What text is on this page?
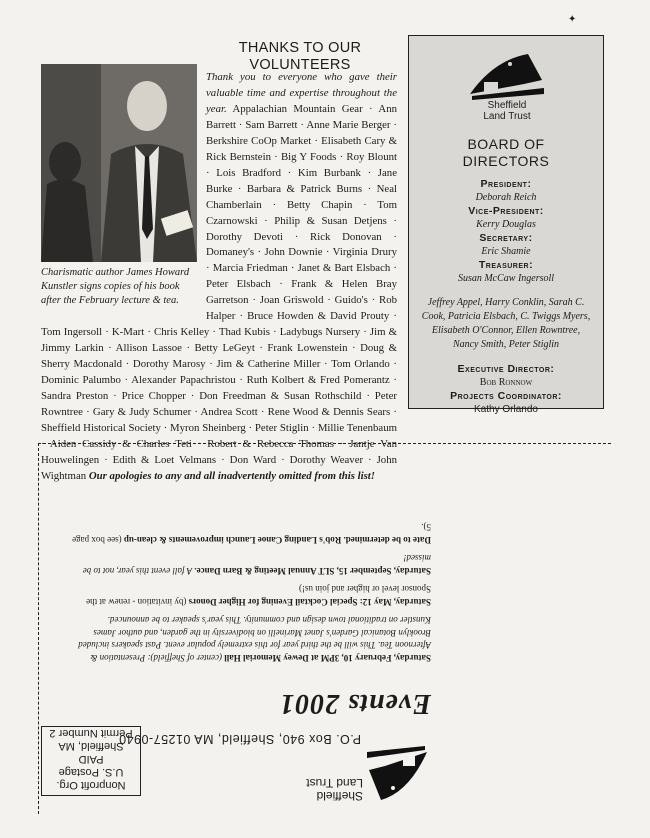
THANKS TO OUR
VOLUNTEERS
Charismatic author James Howard Kunstler signs copies of his book after the February lecture & tea.
Thank you to everyone who gave their valuable time and expertise throughout the year. Appalachian Mountain Gear · Ann Barrett · Sam Barrett · Anne Marie Berger · Berkshire CoOp Market · Elisabeth Cary & Rick Bernstein · Big Y Foods · Roy Blount · Lois Bradford · Kim Burbank · Jane Burke · Barbara & Patrick Burns · Neal Chamberlain · Betty Chapin · Tom Czarnowski · Philip & Susan Detjens · Dorothy Devoti · Rick Donovan · Domaney's · John Downie · Virginia Drury · Marcia Friedman · Janet & Bart Elsbach · Peter Elsbach · Frank & Helen Bray Garretson · Joan Griswold · Guido's · Rob Halper · Bruce Howden & David Prouty · Tom Ingersoll · K-Mart · Chris Kelley · Thad Kubis · Ladybugs Nursery · Jim & Jimmy Larkin · Allison Lassoe · Betty LeGeyt · Frank Lowenstein · Doug & Sherry Macdonald · Dorothy Marosy · Jim & Catherine Miller · Tom Orlando · Dominic Palumbo · Alexander Papachristou · Ruth Kolbert & Fred Pomerantz · Sandra Preston · Price Chopper · Don Freedman & Susan Rothschild · Peter Rowntree · Gary & Judy Schumer · Andrea Scott · Rene Wood & Dennis Sears · Sheffield Historical Society · Myron Sheinberg · Peter Stiglin · Millie Tenenbaum · Aiden Cassidy & Charles Teti · Robert & Rebecca Thomas · Jantje Van Houwelingen · Edith & Loet Velmans · Don Ward · Dorothy Weaver · John Wightman Our apologies to any and all inadvertently omitted from this list!
✦
Sheffield
Land Trust
BOARD OF
DIRECTORS
President:
Deborah Reich
Vice-President:
Kerry Douglas
Secretary:
Eric Shamie
Treasurer:
Susan McCaw Ingersoll
Jeffrey Appel, Harry Conklin, Sarah C. Cook, Patricia Elsbach, C. Twiggs Myers, Elisabeth O'Connor, Ellen Rowntree, Nancy Smith, Peter Stiglin
Executive Director:
Bob Ronnow
Projects Coordinator:
Kathy Orlando
Sheffield
Land Trust
P.O. Box 940, Sheffield, MA 01257-0940
Nonprofit Org.
U.S. Postage
PAID
Sheffield, MA
Permit Number 2
Events 2001
Saturday, February 10, 3PM at Dewey Memorial Hall (center of Sheffield): Presentation & Afternoon Tea. This will be the third year for this extremely popular event. Past speakers included Brooklyn Botanical Garden's Janet Marinelli on biodiversity in the garden, and author James Kunstler on traditional town design and community. This year's speaker to be announced.
Saturday, May 12: Special Cocktail Evening for Higher Donors (by invitation - renew at the Sponsor level or higher and join us!)
Saturday, September 15, SLT Annual Meeting & Barn Dance. A fall event this year, not to be missed!
Date to be determined. Rob's Landing Canoe Launch improvements & clean-up (see box page 5).
